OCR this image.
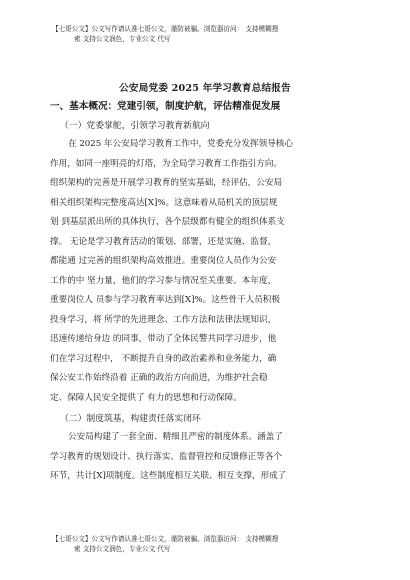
【七哥公文】公文写作请认准七哥公文，谨防被骗。浏览器访问： 支持模糊搜
索 支持公文润色，专业公文 代写
公安局党委 2025 年学习教育总结报告
一、基本概况：党建引领，制度护航，评估精准促发展
（一）党委掌舵，引领学习教育新航向
在 2025 年公安局学习教育工作中，党委充分发挥领导核心
作用，如同一座明亮的灯塔，为全局学习教育工作指引方向。
组织架构的完善是开展学习教育的坚实基础，经评估，公安局
相关组织架构完整度高达[X]%。这意味着从局机关的顶层规
划 到基层派出所的具体执行，各个层级都有健全的组织体系支
撑。 无论是学习教育活动的策划、部署，还是实施、监督，
都能通 过完善的组织架构高效推进。重要岗位人员作为公安
工作的中 坚力量，他们的学习参与情况至关重要。本年度，
重要岗位人 员参与学习教育率达到[X]%。这些骨干人员积极
投身学习，将 所学的先进理念、工作方法和法律法规知识，
迅速传递给身边 的同事，带动了全体民警共同学习进步，他
们在学习过程中， 不断提升自身的政治素养和业务能力，确
保公安工作始终沿着 正确的政治方向前进，为维护社会稳
定、保障人民安全提供了 有力的思想和行动保障。
（二）制度筑基，构建责任落实闭环
公安局构建了一套全面、精细且严密的制度体系。涵盖了
学习教育的规划设计、执行落实、监督管控和反馈修正等各个
环节，共计[X]项制度。这些制度相互关联、相互支撑，形成了
【七哥公文】公文写作请认准七哥公文，谨防被骗。浏览器访问： 支持模糊搜
索 支持公文润色，专业公文 代写
